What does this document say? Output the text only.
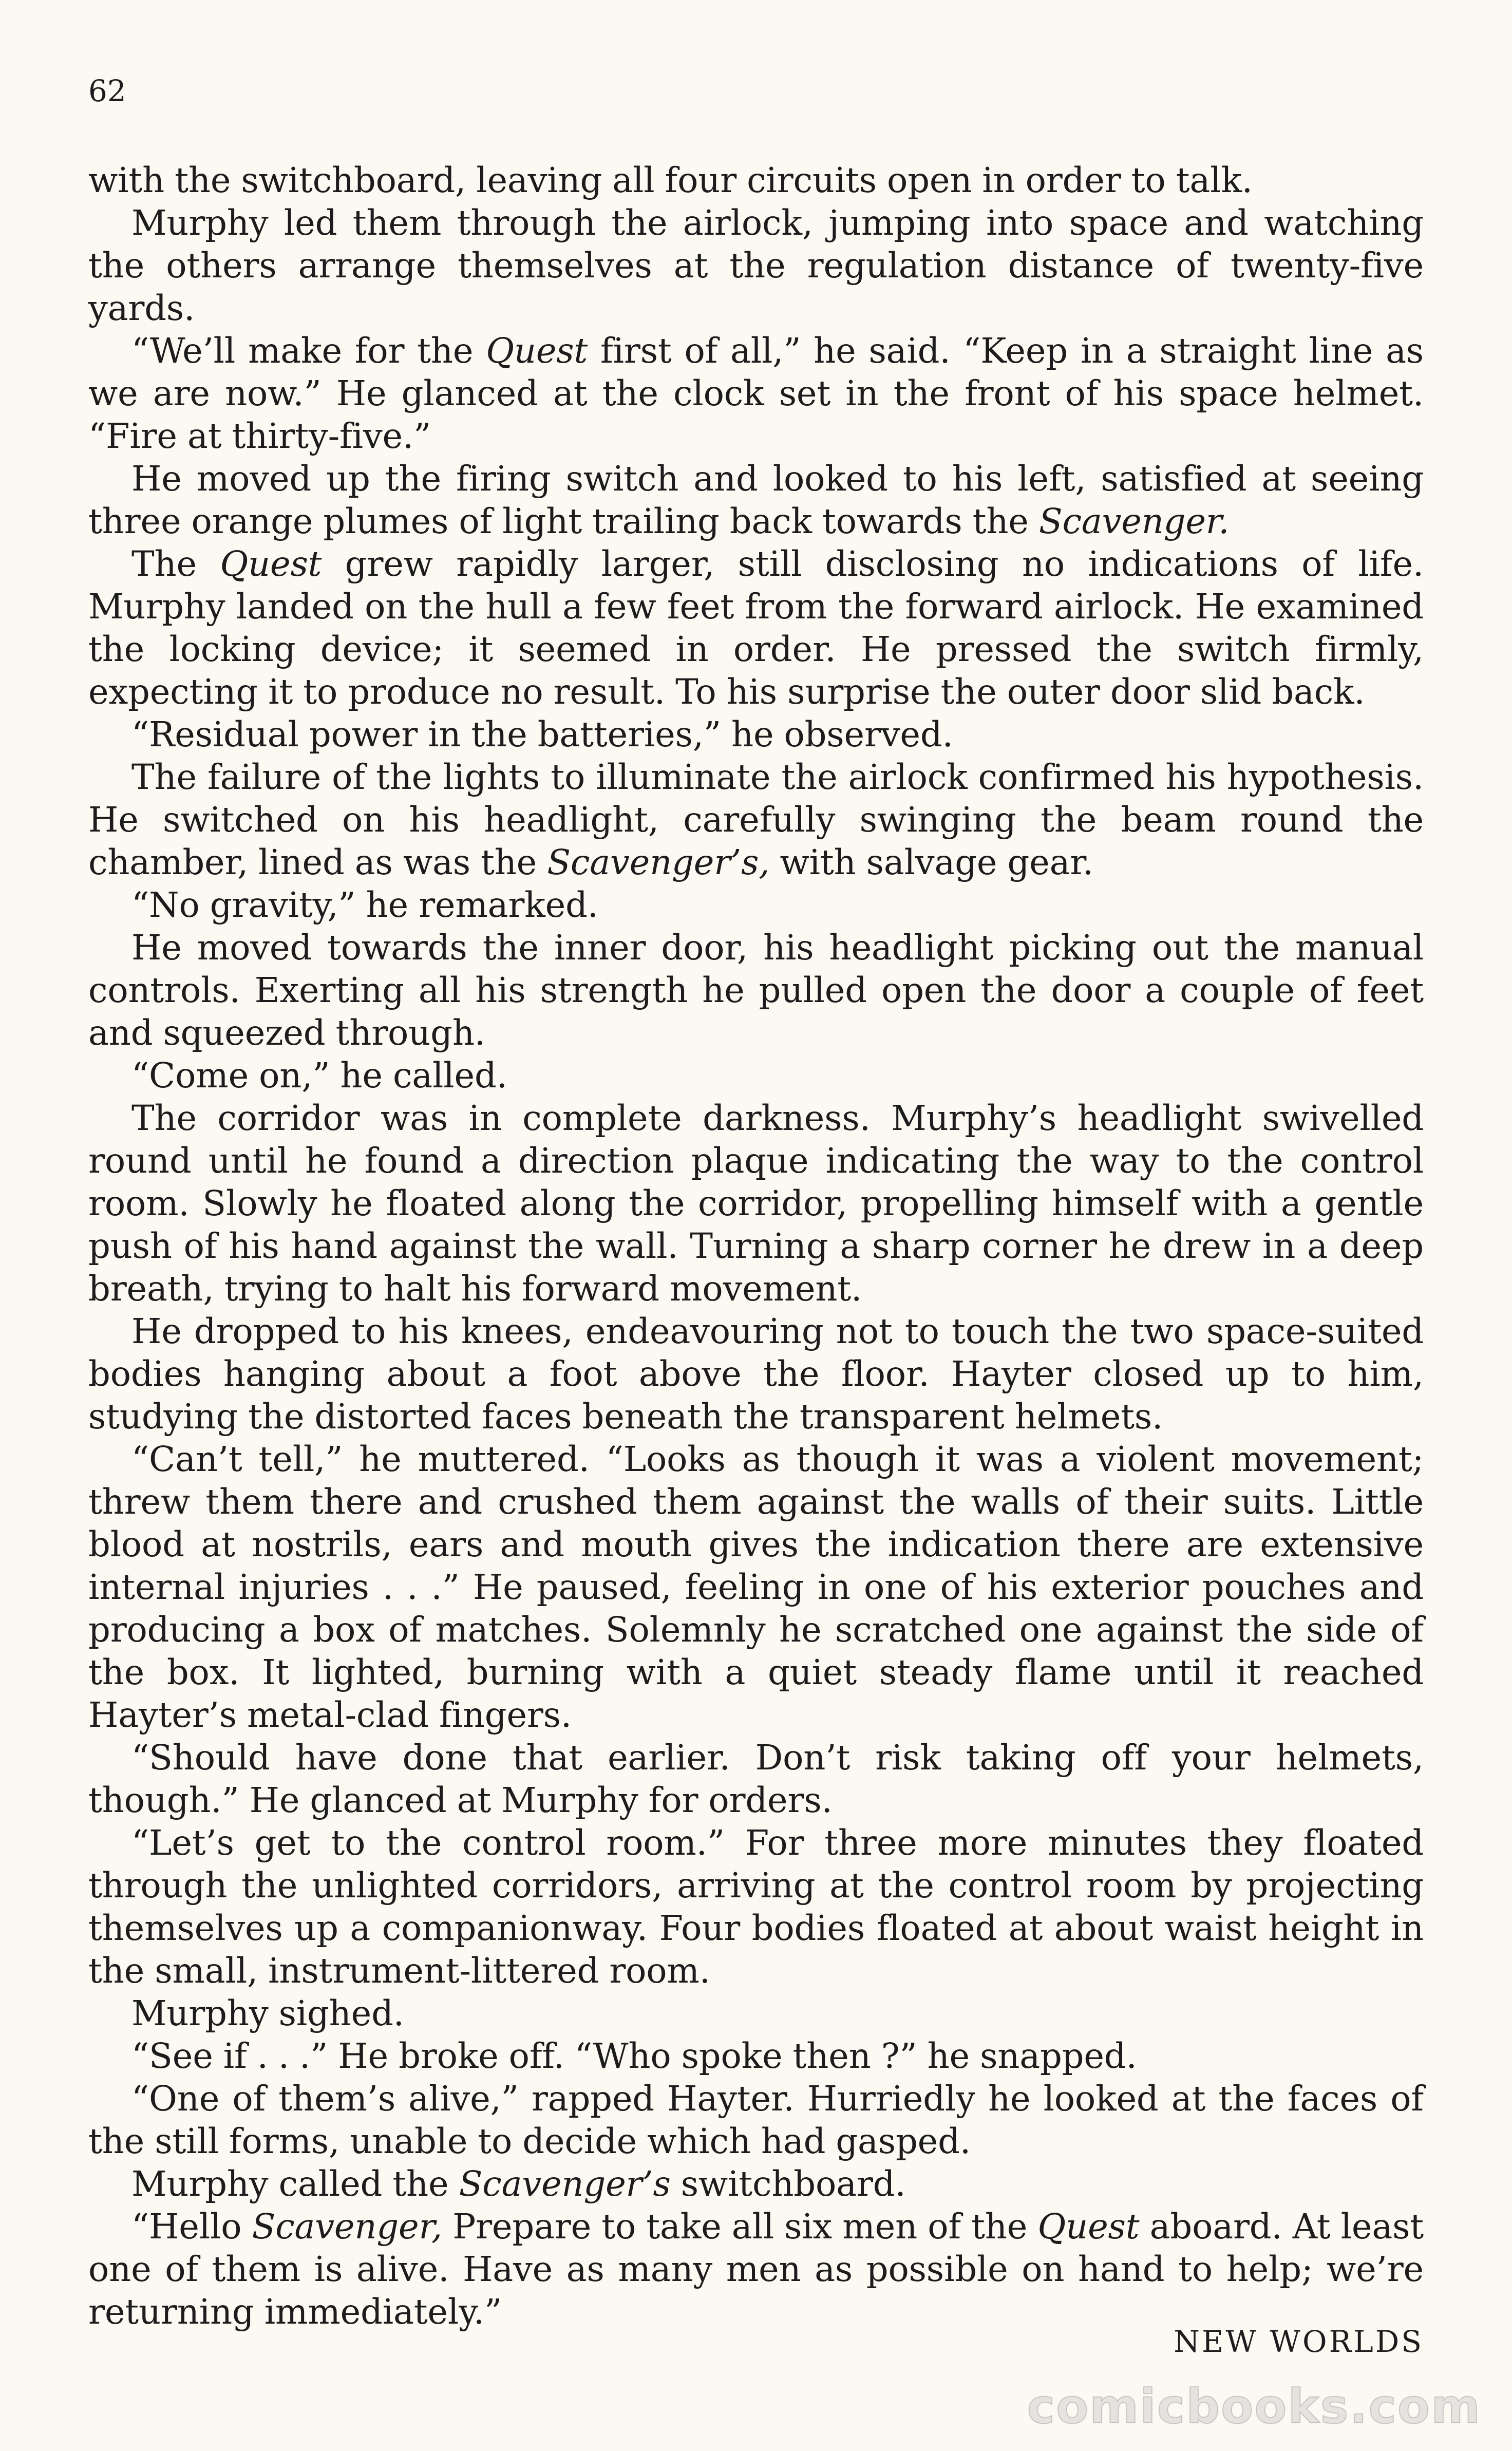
62

with the switchboard, leaving all four circuits open in order to talk.

Murphy led them through the airlock, jumping into space and watching the others arrange themselves at the regulation distance of twenty-five yards.

“We’ll make for the Quest first of all,” he said. “Keep in a straight line as we are now.” He glanced at the clock set in the front of his space helmet. “Fire at thirty-five.”

He moved up the firing switch and looked to his left, satisfied at seeing three orange plumes of light trailing back towards the Scavenger.

The Quest grew rapidly larger, still disclosing no indications of life. Murphy landed on the hull a few feet from the forward airlock. He examined the locking device; it seemed in order. He pressed the switch firmly, expecting it to produce no result. To his surprise the outer door slid back.

“Residual power in the batteries,” he observed.

The failure of the lights to illuminate the airlock confirmed his hypothesis. He switched on his headlight, carefully swinging the beam round the chamber, lined as was the Scavenger’s, with salvage gear.

“No gravity,” he remarked.

He moved towards the inner door, his headlight picking out the manual controls. Exerting all his strength he pulled open the door a couple of feet and squeezed through.

“Come on,” he called.

The corridor was in complete darkness. Murphy’s headlight swivelled round until he found a direction plaque indicating the way to the control room. Slowly he floated along the corridor, propelling himself with a gentle push of his hand against the wall. Turning a sharp corner he drew in a deep breath, trying to halt his forward movement.

He dropped to his knees, endeavouring not to touch the two space-suited bodies hanging about a foot above the floor. Hayter closed up to him, studying the distorted faces beneath the transparent helmets.

“Can’t tell,” he muttered. “Looks as though it was a violent movement; threw them there and crushed them against the walls of their suits. Little blood at nostrils, ears and mouth gives the indication there are extensive internal injuries . . .” He paused, feeling in one of his exterior pouches and producing a box of matches. Solemnly he scratched one against the side of the box. It lighted, burning with a quiet steady flame until it reached Hayter’s metal-clad fingers.

“Should have done that earlier. Don’t risk taking off your helmets, though.” He glanced at Murphy for orders.

“Let’s get to the control room.” For three more minutes they floated through the unlighted corridors, arriving at the control room by projecting themselves up a companionway. Four bodies floated at about waist height in the small, instrument-littered room.

Murphy sighed.

“See if . . .” He broke off. “Who spoke then ?” he snapped.

“One of them’s alive,” rapped Hayter. Hurriedly he looked at the faces of the still forms, unable to decide which had gasped.

Murphy called the Scavenger’s switchboard.

“Hello Scavenger, Prepare to take all six men of the Quest aboard. At least one of them is alive. Have as many men as possible on hand to help; we’re returning immediately.”

NEW WORLDS
comicbooks.com
